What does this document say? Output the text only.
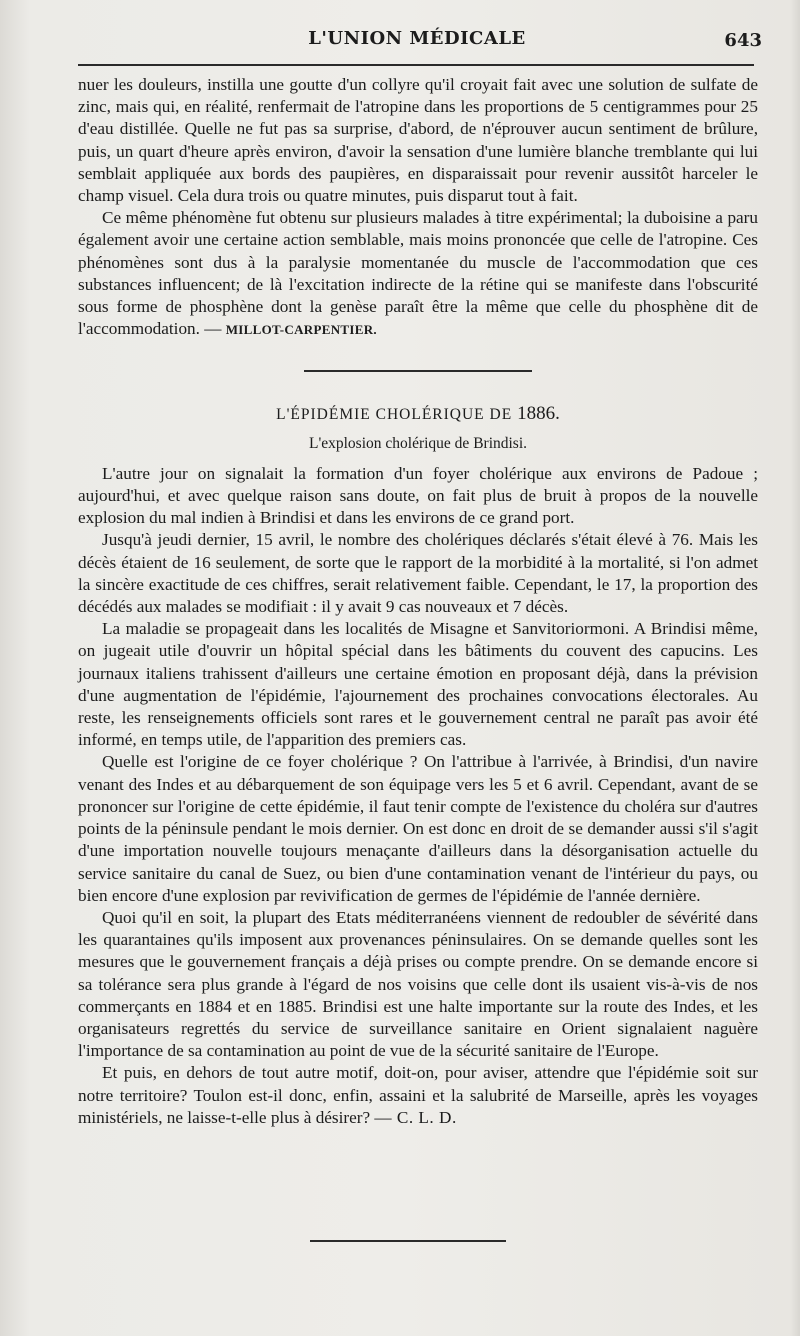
L'UNION MÉDICALE	643

nuer les douleurs, instilla une goutte d'un collyre qu'il croyait fait avec une solution de sulfate de zinc, mais qui, en réalité, renfermait de l'atropine dans les proportions de 5 centigrammes pour 25 d'eau distillée. Quelle ne fut pas sa surprise, d'abord, de n'éprouver aucun sentiment de brûlure, puis, un quart d'heure après environ, d'avoir la sensation d'une lumière blanche tremblante qui lui semblait appliquée aux bords des paupières, en disparaissait pour revenir aussitôt harceler le champ visuel. Cela dura trois ou quatre minutes, puis disparut tout à fait.

Ce même phénomène fut obtenu sur plusieurs malades à titre expérimental; la duboisine a paru également avoir une certaine action semblable, mais moins prononcée que celle de l'atropine. Ces phénomènes sont dus à la paralysie momentanée du muscle de l'accommodation que ces substances influencent; de là l'excitation indirecte de la rétine qui se manifeste dans l'obscurité sous forme de phosphène dont la genèse paraît être la même que celle du phosphène dit de l'accommodation. — MILLOT-CARPENTIER.

L'ÉPIDÉMIE CHOLÉRIQUE DE 1886.
L'explosion cholérique de Brindisi.

L'autre jour on signalait la formation d'un foyer cholérique aux environs de Padoue ; aujourd'hui, et avec quelque raison sans doute, on fait plus de bruit à propos de la nouvelle explosion du mal indien à Brindisi et dans les environs de ce grand port.

Jusqu'à jeudi dernier, 15 avril, le nombre des cholériques déclarés s'était élevé à 76. Mais les décès étaient de 16 seulement, de sorte que le rapport de la morbidité à la mortalité, si l'on admet la sincère exactitude de ces chiffres, serait relativement faible. Cependant, le 17, la proportion des décédés aux malades se modifiait : il y avait 9 cas nouveaux et 7 décès.

La maladie se propageait dans les localités de Misagne et Sanvitoriormoni. A Brindisi même, on jugeait utile d'ouvrir un hôpital spécial dans les bâtiments du couvent des capucins. Les journaux italiens trahissent d'ailleurs une certaine émotion en proposant déjà, dans la prévision d'une augmentation de l'épidémie, l'ajournement des prochaines convocations électorales. Au reste, les renseignements officiels sont rares et le gouvernement central ne paraît pas avoir été informé, en temps utile, de l'apparition des premiers cas.

Quelle est l'origine de ce foyer cholérique ? On l'attribue à l'arrivée, à Brindisi, d'un navire venant des Indes et au débarquement de son équipage vers les 5 et 6 avril. Cependant, avant de se prononcer sur l'origine de cette épidémie, il faut tenir compte de l'existence du choléra sur d'autres points de la péninsule pendant le mois dernier. On est donc en droit de se demander aussi s'il s'agit d'une importation nouvelle toujours menaçante d'ailleurs dans la désorganisation actuelle du service sanitaire du canal de Suez, ou bien d'une contamination venant de l'intérieur du pays, ou bien encore d'une explosion par revivification de germes de l'épidémie de l'année dernière.

Quoi qu'il en soit, la plupart des Etats méditerranéens viennent de redoubler de sévérité dans les quarantaines qu'ils imposent aux provenances péninsulaires. On se demande quelles sont les mesures que le gouvernement français a déjà prises ou compte prendre. On se demande encore si sa tolérance sera plus grande à l'égard de nos voisins que celle dont ils usaient vis-à-vis de nos commerçants en 1884 et en 1885. Brindisi est une halte importante sur la route des Indes, et les organisateurs regrettés du service de surveillance sanitaire en Orient signalaient naguère l'importance de sa contamination au point de vue de la sécurité sanitaire de l'Europe.

Et puis, en dehors de tout autre motif, doit-on, pour aviser, attendre que l'épidémie soit sur notre territoire? Toulon est-il donc, enfin, assaini et la salubrité de Marseille, après les voyages ministériels, ne laisse-t-elle plus à désirer? — C. L. D.
